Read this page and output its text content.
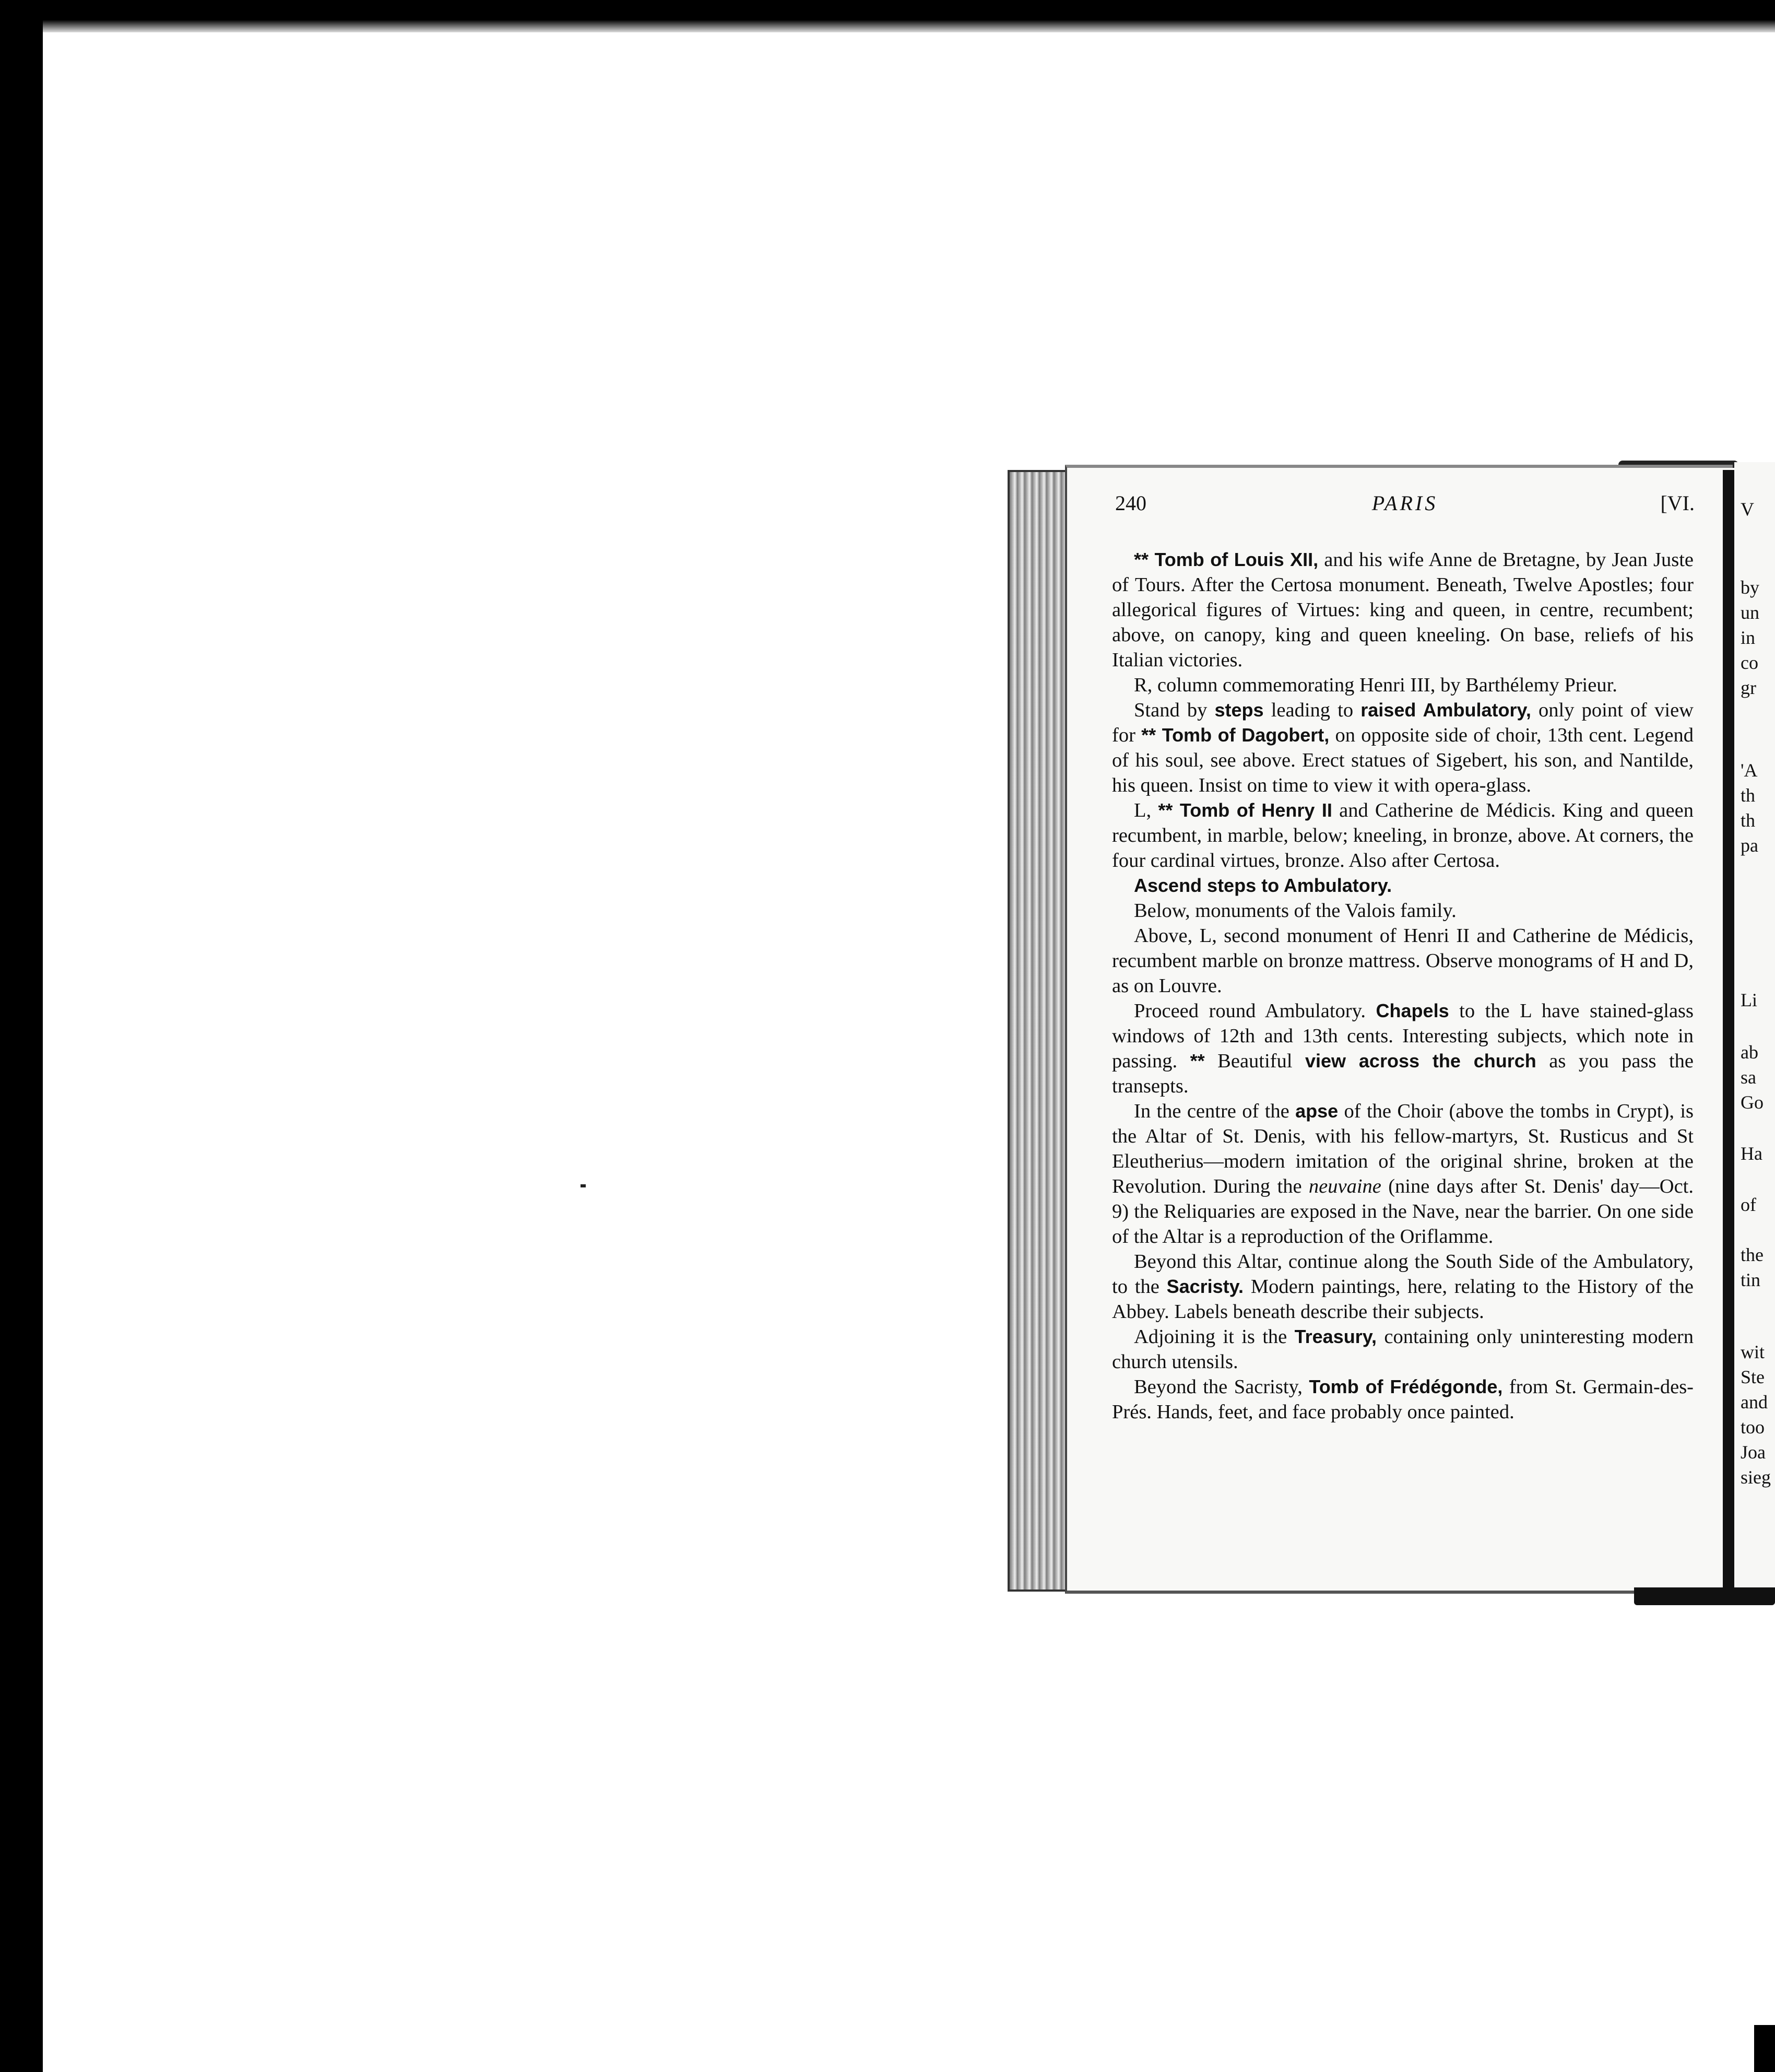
V
by
un
in
co
gr
'A
th
th
pa
Li
ab
sa
Go
Ha
of
the
tin
wit
Ste
and
too
Joa
sieg
240	PARIS	[VI.

** Tomb of Louis XII, and his wife Anne de Bretagne, by Jean Juste of Tours. After the Certosa monument. Beneath, Twelve Apostles; four allegorical figures of Virtues: king and queen, in centre, recumbent; above, on canopy, king and queen kneeling. On base, reliefs of his Italian victories.

R, column commemorating Henri III, by Barthélemy Prieur.

Stand by steps leading to raised Ambulatory, only point of view for ** Tomb of Dagobert, on opposite side of choir, 13th cent. Legend of his soul, see above. Erect statues of Sigebert, his son, and Nantilde, his queen. Insist on time to view it with opera-glass.

L, ** Tomb of Henry II and Catherine de Médicis. King and queen recumbent, in marble, below; kneeling, in bronze, above. At corners, the four cardinal virtues, bronze. Also after Certosa.

Ascend steps to Ambulatory.

Below, monuments of the Valois family.

Above, L, second monument of Henri II and Catherine de Médicis, recumbent marble on bronze mattress. Observe monograms of H and D, as on Louvre.

Proceed round Ambulatory. Chapels to the L have stained-glass windows of 12th and 13th cents. Interesting subjects, which note in passing. ** Beautiful view across the church as you pass the transepts.

In the centre of the apse of the Choir (above the tombs in Crypt), is the Altar of St. Denis, with his fellow-martyrs, St. Rusticus and St Eleutherius—modern imitation of the original shrine, broken at the Revolution. During the neuvaine (nine days after St. Denis' day—Oct. 9) the Reliquaries are exposed in the Nave, near the barrier. On one side of the Altar is a reproduction of the Oriflamme.

Beyond this Altar, continue along the South Side of the Ambulatory, to the Sacristy. Modern paintings, here, relating to the History of the Abbey. Labels beneath describe their subjects.

Adjoining it is the Treasury, containing only uninteresting modern church utensils.

Beyond the Sacristy, Tomb of Frédégonde, from St. Germain-des-Prés. Hands, feet, and face probably once painted.
